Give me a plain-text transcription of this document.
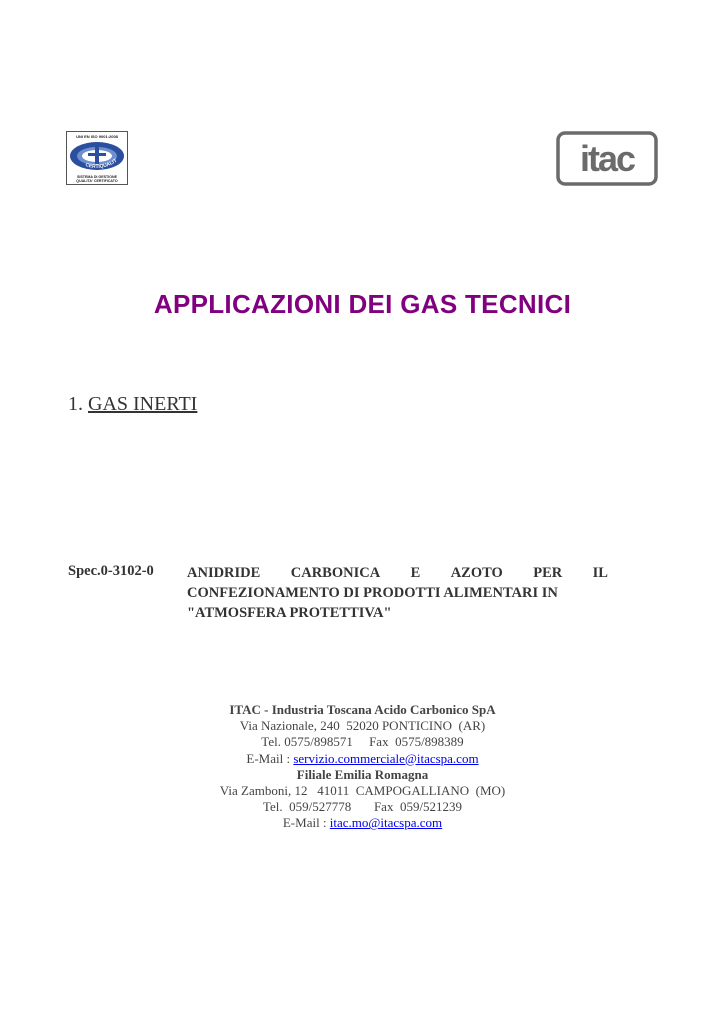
UNI EN ISO 9001:2008
CERTIQUALIT
SISTEMA DI GESTIONE
QUALITA' CERTIFICATO
itac
APPLICAZIONI DEI GAS TECNICI
1. GAS INERTI
Spec.0-3102-0 ANIDRIDE CARBONICA E AZOTO PER IL
CONFEZIONAMENTO DI PRODOTTI ALIMENTARI IN
"ATMOSFERA PROTETTIVA"
ITAC - Industria Toscana Acido Carbonico SpA
Via Nazionale, 240  52020 PONTICINO  (AR)
Tel. 0575/898571     Fax  0575/898389
E-Mail : servizio.commerciale@itacspa.com
Filiale Emilia Romagna
Via Zamboni, 12   41011  CAMPOGALLIANO  (MO)
Tel.  059/527778       Fax  059/521239
E-Mail : itac.mo@itacspa.com
